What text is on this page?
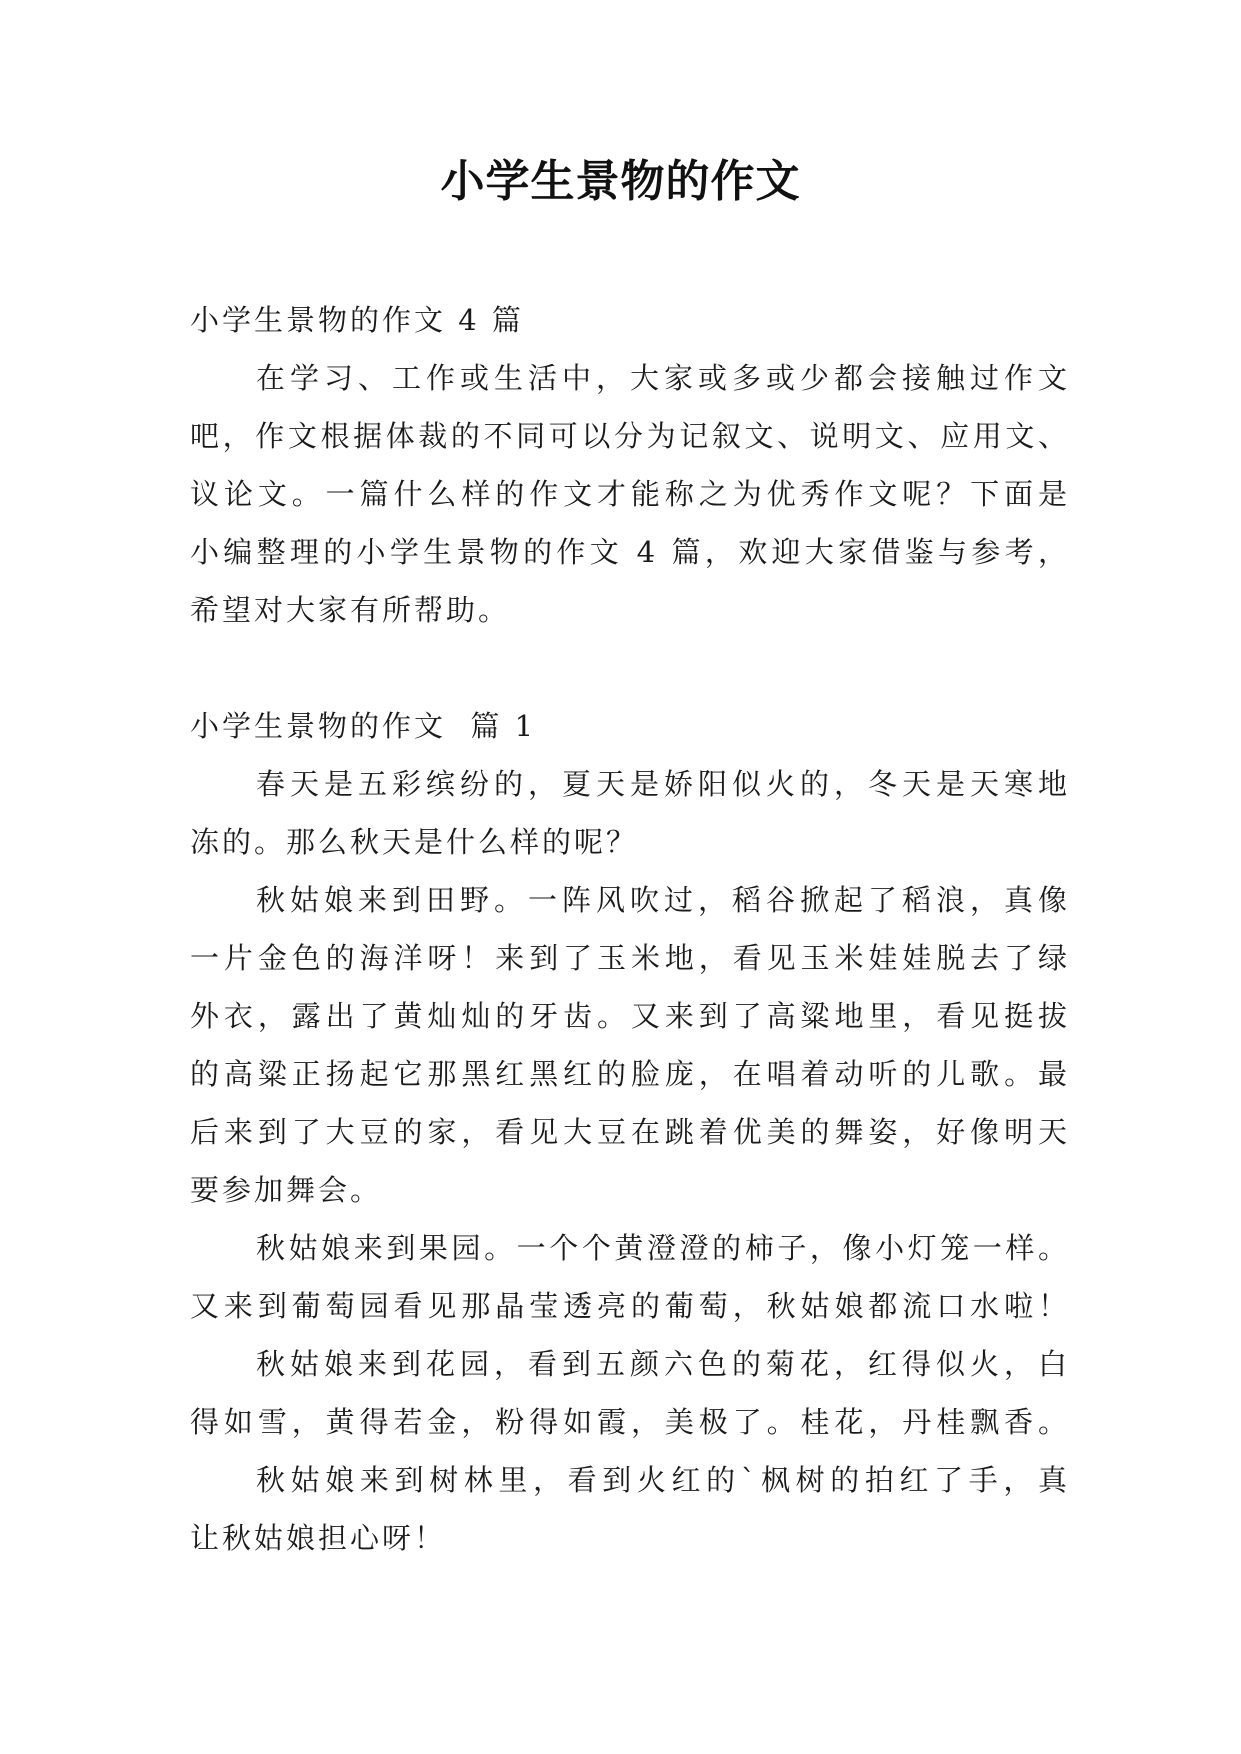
小学生景物的作文
小学生景物的作文 4 篇
在学习、工作或生活中，大家或多或少都会接触过作文
吧，作文根据体裁的不同可以分为记叙文、说明文、应用文、
议论文。一篇什么样的作文才能称之为优秀作文呢？下面是
小编整理的小学生景物的作文 4 篇，欢迎大家借鉴与参考，
希望对大家有所帮助。
小学生景物的作文  篇 1
春天是五彩缤纷的，夏天是娇阳似火的，冬天是天寒地
冻的。那么秋天是什么样的呢？
秋姑娘来到田野。一阵风吹过，稻谷掀起了稻浪，真像
一片金色的海洋呀！来到了玉米地，看见玉米娃娃脱去了绿
外衣，露出了黄灿灿的牙齿。又来到了高粱地里，看见挺拔
的高粱正扬起它那黑红黑红的脸庞，在唱着动听的儿歌。最
后来到了大豆的家，看见大豆在跳着优美的舞姿，好像明天
要参加舞会。
秋姑娘来到果园。一个个黄澄澄的柿子，像小灯笼一样。
又来到葡萄园看见那晶莹透亮的葡萄，秋姑娘都流口水啦！
秋姑娘来到花园，看到五颜六色的菊花，红得似火，白
得如雪，黄得若金，粉得如霞，美极了。桂花，丹桂飘香。
秋姑娘来到树林里，看到火红的`枫树的拍红了手，真
让秋姑娘担心呀！
